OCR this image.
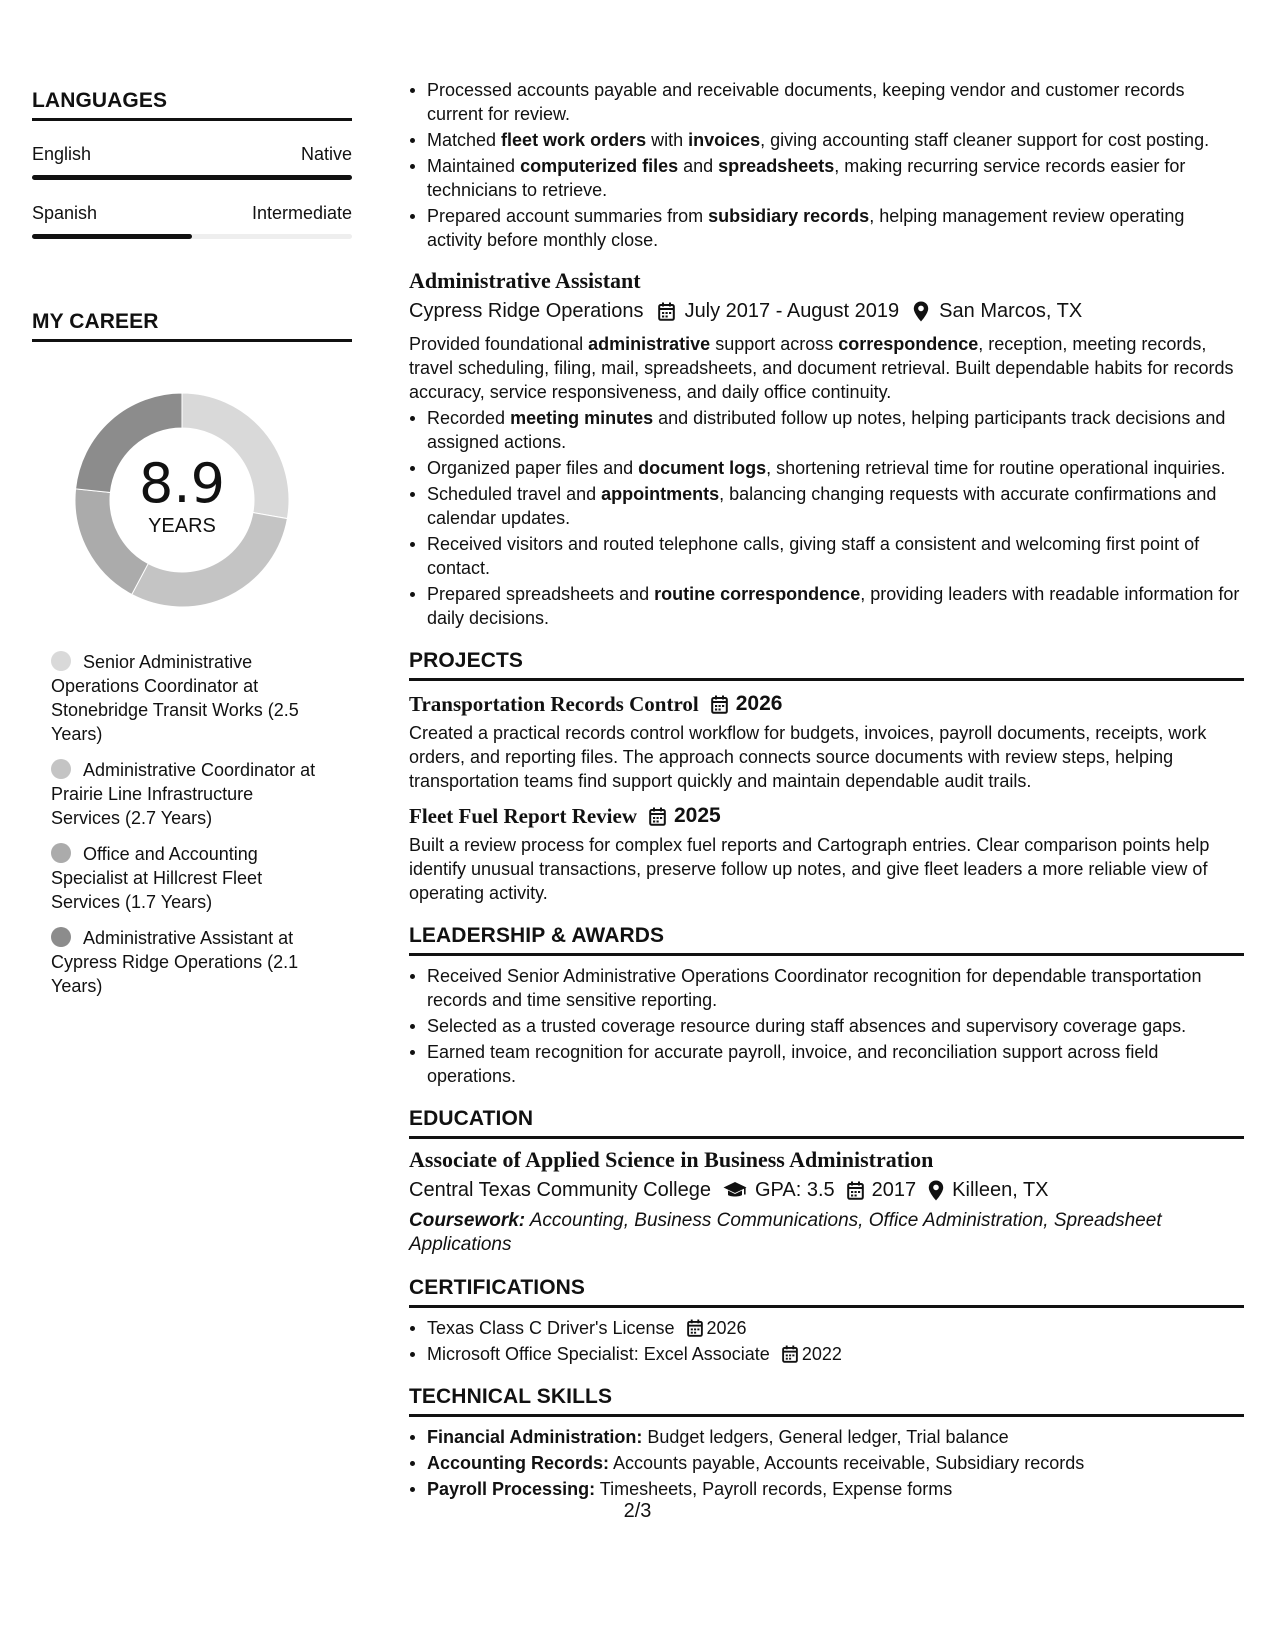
LANGUAGES
English	Native
Spanish	Intermediate
MY CAREER
8.9
YEARS
Senior Administrative Operations Coordinator at Stonebridge Transit Works (2.5 Years)
Administrative Coordinator at Prairie Line Infrastructure Services (2.7 Years)
Office and Accounting Specialist at Hillcrest Fleet Services (1.7 Years)
Administrative Assistant at Cypress Ridge Operations (2.1 Years)
Processed accounts payable and receivable documents, keeping vendor and customer records current for review.
Matched fleet work orders with invoices, giving accounting staff cleaner support for cost posting.
Maintained computerized files and spreadsheets, making recurring service records easier for technicians to retrieve.
Prepared account summaries from subsidiary records, helping management review operating activity before monthly close.
Administrative Assistant
Cypress Ridge Operations July 2017 - August 2019 San Marcos, TX
Provided foundational administrative support across correspondence, reception, meeting records, travel scheduling, filing, mail, spreadsheets, and document retrieval. Built dependable habits for records accuracy, service responsiveness, and daily office continuity.
Recorded meeting minutes and distributed follow up notes, helping participants track decisions and assigned actions.
Organized paper files and document logs, shortening retrieval time for routine operational inquiries.
Scheduled travel and appointments, balancing changing requests with accurate confirmations and calendar updates.
Received visitors and routed telephone calls, giving staff a consistent and welcoming first point of contact.
Prepared spreadsheets and routine correspondence, providing leaders with readable information for daily decisions.
PROJECTS
Transportation Records Control 2026
Created a practical records control workflow for budgets, invoices, payroll documents, receipts, work orders, and reporting files. The approach connects source documents with review steps, helping transportation teams find support quickly and maintain dependable audit trails.
Fleet Fuel Report Review 2025
Built a review process for complex fuel reports and Cartograph entries. Clear comparison points help identify unusual transactions, preserve follow up notes, and give fleet leaders a more reliable view of operating activity.
LEADERSHIP & AWARDS
Received Senior Administrative Operations Coordinator recognition for dependable transportation records and time sensitive reporting.
Selected as a trusted coverage resource during staff absences and supervisory coverage gaps.
Earned team recognition for accurate payroll, invoice, and reconciliation support across field operations.
EDUCATION
Associate of Applied Science in Business Administration
Central Texas Community College GPA: 3.5 2017 Killeen, TX
Coursework: Accounting, Business Communications, Office Administration, Spreadsheet Applications
CERTIFICATIONS
Texas Class C Driver's License 2026
Microsoft Office Specialist: Excel Associate 2022
TECHNICAL SKILLS
Financial Administration: Budget ledgers, General ledger, Trial balance
Accounting Records: Accounts payable, Accounts receivable, Subsidiary records
Payroll Processing: Timesheets, Payroll records, Expense forms
2/3
